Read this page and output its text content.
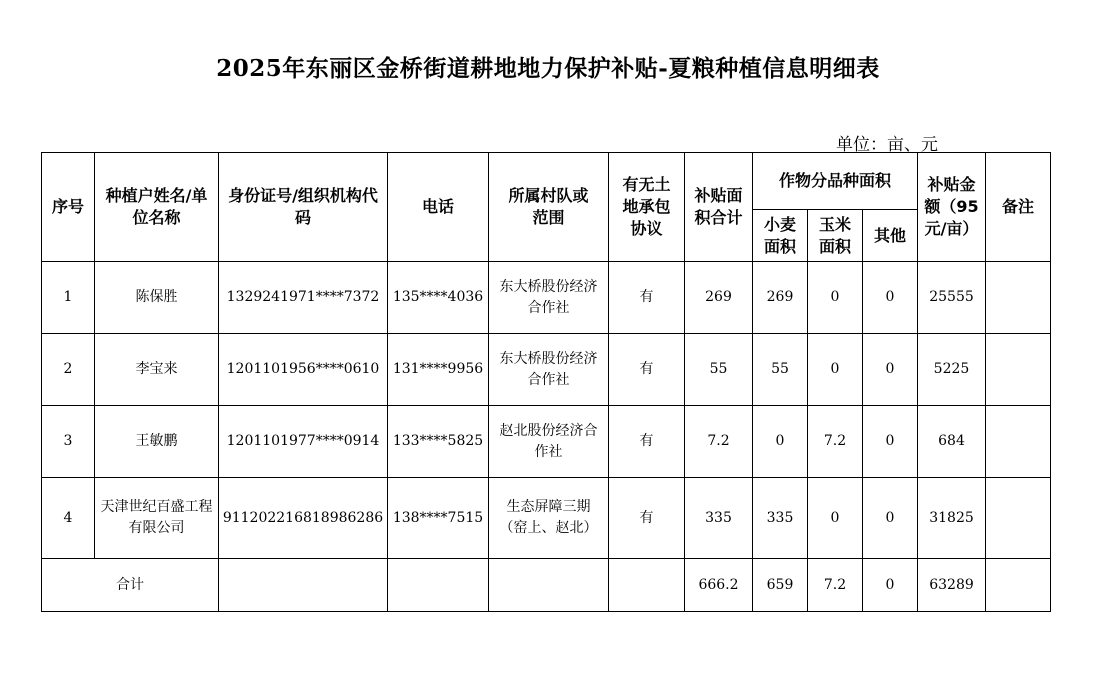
2025年东丽区金桥街道耕地地力保护补贴-夏粮种植信息明细表
单位：亩、元
序号	种植户姓名/单位名称	身份证号/组织机构代码	电话	所属村队或范围	有无土地承包协议	补贴面积合计	作物分品种面积			补贴金额（95元/亩）	备注
							小麦面积	玉米面积	其他		
1	陈保胜	1329241971****7372	135****4036	东大桥股份经济合作社	有	269	269	0	0	25555	
2	李宝来	1201101956****0610	131****9956	东大桥股份经济合作社	有	55	55	0	0	5225	
3	王敏鹏	1201101977****0914	133****5825	赵北股份经济合作社	有	7.2	0	7.2	0	684	
4	天津世纪百盛工程有限公司	911202216818986286	138****7515	生态屏障三期（窑上、赵北）	有	335	335	0	0	31825	
合计						666.2	659	7.2	0	63289	
